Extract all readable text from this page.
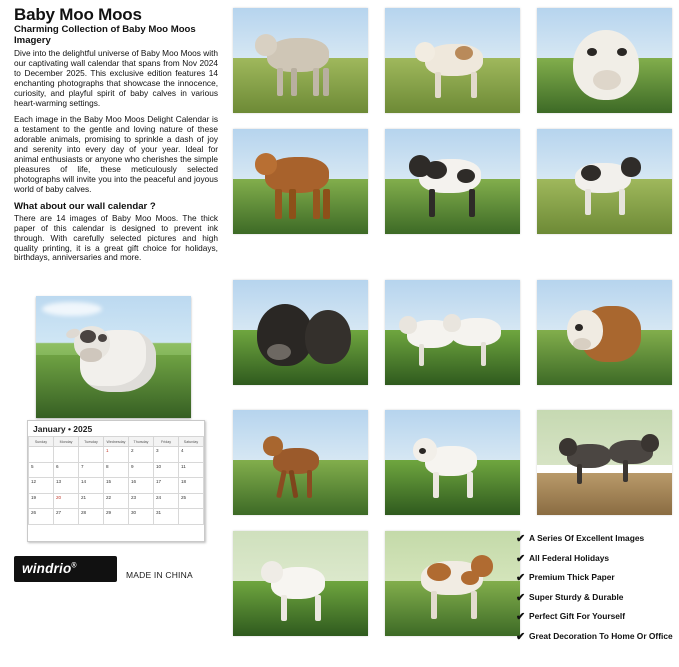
Baby Moo Moos
Charming Collection of Baby Moo Moos Imagery

Dive into the delightful universe of Baby Moo Moos with our captivating wall calendar that spans from Nov 2024 to December 2025. This exclusive edition features 14 enchanting photographs that showcase the innocence, curiosity, and playful spirit of baby calves in various heart-warming settings.

Each image in the Baby Moo Moos Delight Calendar is a testament to the gentle and loving nature of these adorable animals, promising to sprinkle a dash of joy and serenity into every day of your year. Ideal for animal enthusiasts or anyone who cherishes the simple pleasures of life, these meticulously selected photographs will invite you into the peaceful and joyous world of baby calves.

What about our wall calendar ?

There are 14 images of Baby Moo Moos. The thick paper of this calendar is designed to prevent ink through. With carefully selected pictures and high quality printing, it is a great gift choice for holidays, birthdays, anniversaries and more.

January • 2025
Sunday	Monday	Tuesday	Wednesday	Thursday	Friday	Saturday
			1	2	3	4
5	6	7	8	9	10	11
12	13	14	15	16	17	18
19	20	21	22	23	24	25
26	27	28	29	30	31	
windrio®
MADE IN CHINA
✔ A Series Of Excellent Images
✔ All Federal Holidays
✔ Premium Thick Paper
✔ Super Sturdy & Durable
✔ Perfect Gift For Yourself
✔ Great Decoration To Home Or Office
